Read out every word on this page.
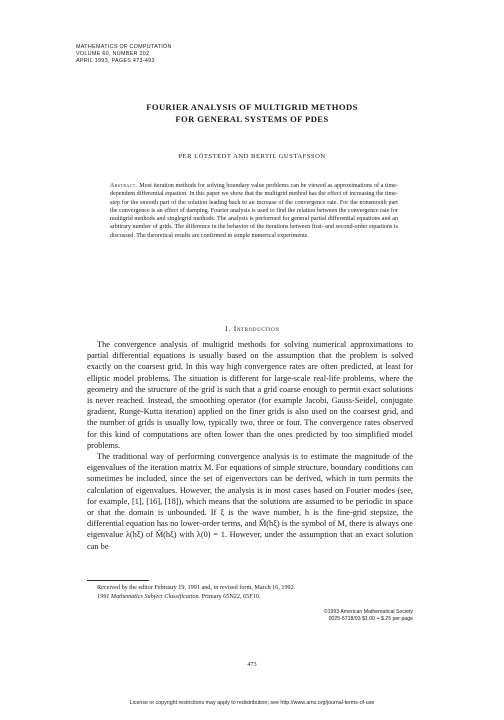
MATHEMATICS OF COMPUTATION
VOLUME 60, NUMBER 202
APRIL 1993, PAGES 473-493
FOURIER ANALYSIS OF MULTIGRID METHODS
FOR GENERAL SYSTEMS OF PDES
PER LÖTSTEDT AND BERTIL GUSTAFSSON
Abstract. Most iteration methods for solving boundary value problems can be viewed as approximations of a time-dependent differential equation. In this paper we show that the multigrid method has the effect of increasing the time-step for the smooth part of the solution leading back to an increase of the convergence rate. For the nonsmooth part the convergence is an effect of damping. Fourier analysis is used to find the relation between the convergence rate for multigrid methods and singlegrid methods. The analysis is performed for general partial differential equations and an arbitrary number of grids. The difference in the behavior of the iterations between first- and second-order equations is discussed. The theoretical results are confirmed in simple numerical experiments.
1. Introduction

The convergence analysis of multigrid methods for solving numerical approximations to partial differential equations is usually based on the assumption that the problem is solved exactly on the coarsest grid. In this way high convergence rates are often predicted, at least for elliptic model problems. The situation is different for large-scale real-life problems, where the geometry and the structure of the grid is such that a grid coarse enough to permit exact solutions is never reached. Instead, the smoothing operator (for example Jacobi, Gauss-Seidel, conjugate gradient, Runge-Kutta iteration) applied on the finer grids is also used on the coarsest grid, and the number of grids is usually low, typically two, three or four. The convergence rates observed for this kind of computations are often lower than the ones predicted by too simplified model problems.

The traditional way of performing convergence analysis is to estimate the magnitude of the eigenvalues of the iteration matrix M. For equations of simple structure, boundary conditions can sometimes be included, since the set of eigenvectors can be derived, which in turn permits the calculation of eigenvalues. However, the analysis is in most cases based on Fourier modes (see, for example, [1], [16], [18]), which means that the solutions are assumed to be periodic in space or that the domain is unbounded. If ξ is the wave number, h is the fine-grid stepsize, the differential equation has no lower-order terms, and M̂(hξ) is the symbol of M, there is always one eigenvalue λ(hξ) of M̂(hξ) with λ(0) = 1. However, under the assumption that an exact solution can be

Received by the editor February 19, 1991 and, in revised form, March 16, 1992.
1991 Mathematics Subject Classification. Primary 65N22, 65F10.
©1993 American Mathematical Society
0025-5718/93 $1.00 + $.25 per page
473
License or copyright restrictions may apply to redistribution; see http://www.ams.org/journal-terms-of-use
